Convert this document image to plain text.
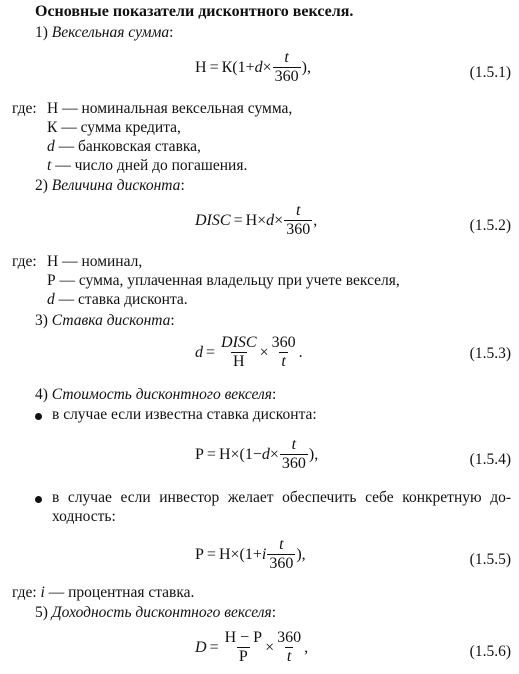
Основные показатели дисконтного векселя.
1) Вексельная сумма:
$Н = К(1+ d \times \frac{t}{360}$ ),	(1.5.1)
где: Н — номинальная вексельная сумма,
К — сумма кредита,
d — банковская ставка,
t — число дней до погашения.
2) Величина дисконта:
DISC = $Н\times d \times \frac{t}{360}$ ,	(1.5.2)
где: Н — номинал,
Р — сумма, уплаченная владельцу при учете векселя,
d — ставка дисконта.
3) Ставка дисконта:
$d = \frac{\text{DISC}}{Н} \times \frac{360}{t}$ .	(1.5.3)
4) Стоимость дисконтного векселя:
в случае если известна ставка дисконта:
$Р = Н\times(1- d \times \frac{t}{360}$ ),	(1.5.4)
в случае если инвестор желает обеспечить себе конкретную до-
ходность:
Р = Н×(1+ i $\frac{t}{360}$ ),	(1.5.5)
где: i — процентная ставка.
5) Доходность дисконтного векселя:
$D = \frac{Н - Р}{Р} \times \frac{360}{t}$ ,	(1.5.6)
